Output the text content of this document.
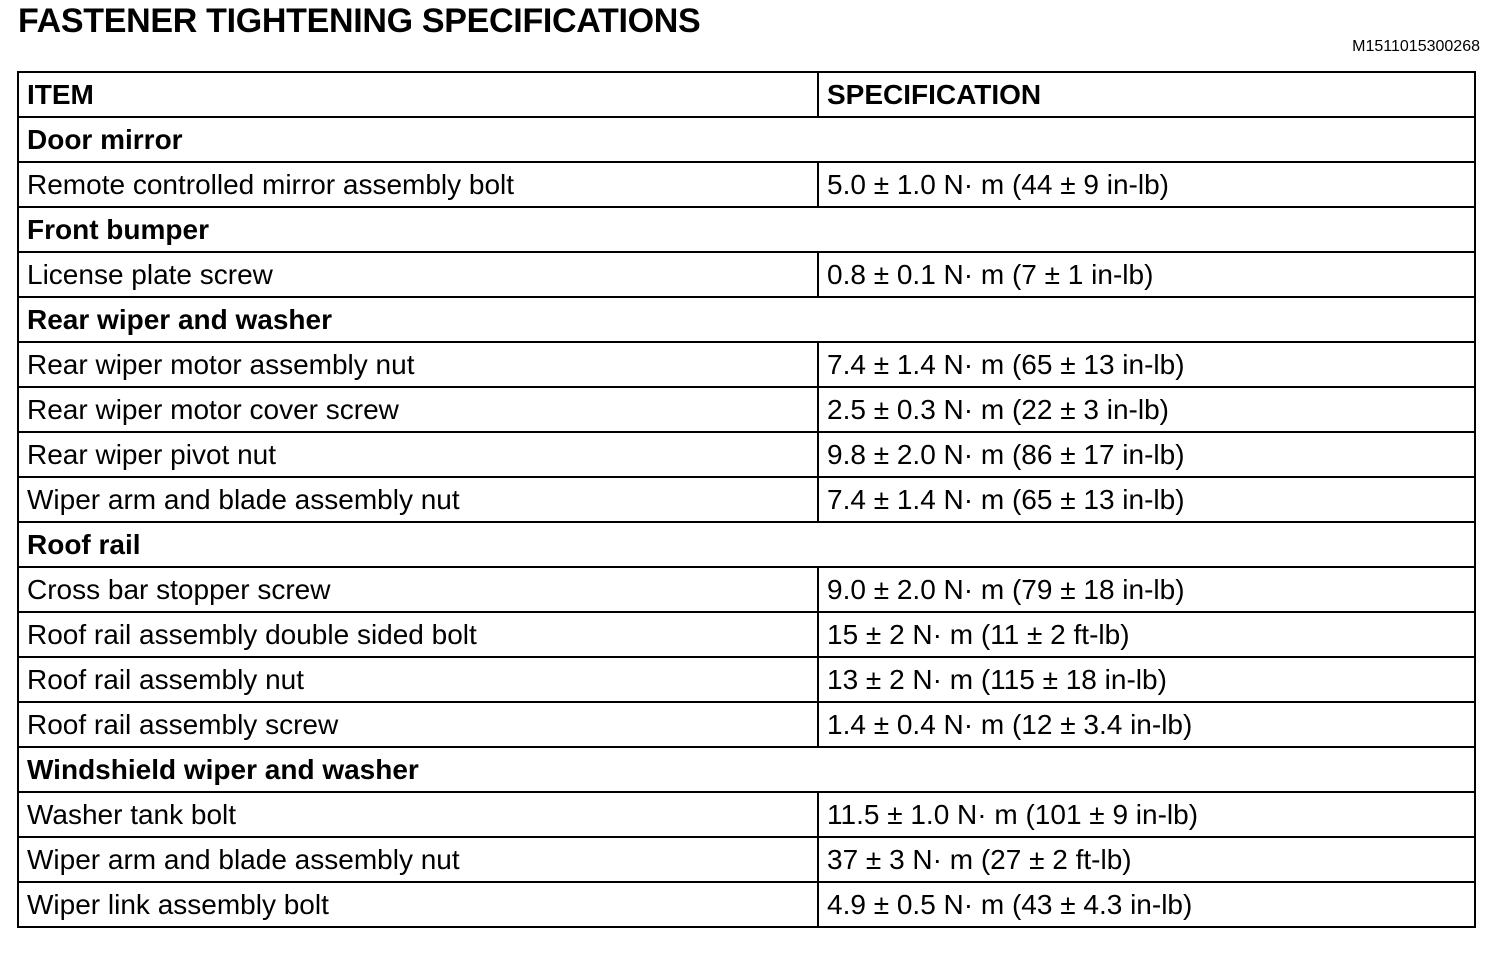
FASTENER TIGHTENING SPECIFICATIONS
M1511015300268
ITEM	SPECIFICATION
Door mirror	
Remote controlled mirror assembly bolt	5.0 ± 1.0 N· m (44 ± 9 in-lb)
Front bumper	
License plate screw	0.8 ± 0.1 N· m (7 ± 1 in-lb)
Rear wiper and washer	
Rear wiper motor assembly nut	7.4 ± 1.4 N· m (65 ± 13 in-lb)
Rear wiper motor cover screw	2.5 ± 0.3 N· m (22 ± 3 in-lb)
Rear wiper pivot nut	9.8 ± 2.0 N· m (86 ± 17 in-lb)
Wiper arm and blade assembly nut	7.4 ± 1.4 N· m (65 ± 13 in-lb)
Roof rail	
Cross bar stopper screw	9.0 ± 2.0 N· m (79 ± 18 in-lb)
Roof rail assembly double sided bolt	15 ± 2 N· m (11 ± 2 ft-lb)
Roof rail assembly nut	13 ± 2 N· m (115 ± 18 in-lb)
Roof rail assembly screw	1.4 ± 0.4 N· m (12 ± 3.4 in-lb)
Windshield wiper and washer	
Washer tank bolt	11.5 ± 1.0 N· m (101 ± 9 in-lb)
Wiper arm and blade assembly nut	37 ± 3 N· m (27 ± 2 ft-lb)
Wiper link assembly bolt	4.9 ± 0.5 N· m (43 ± 4.3 in-lb)
